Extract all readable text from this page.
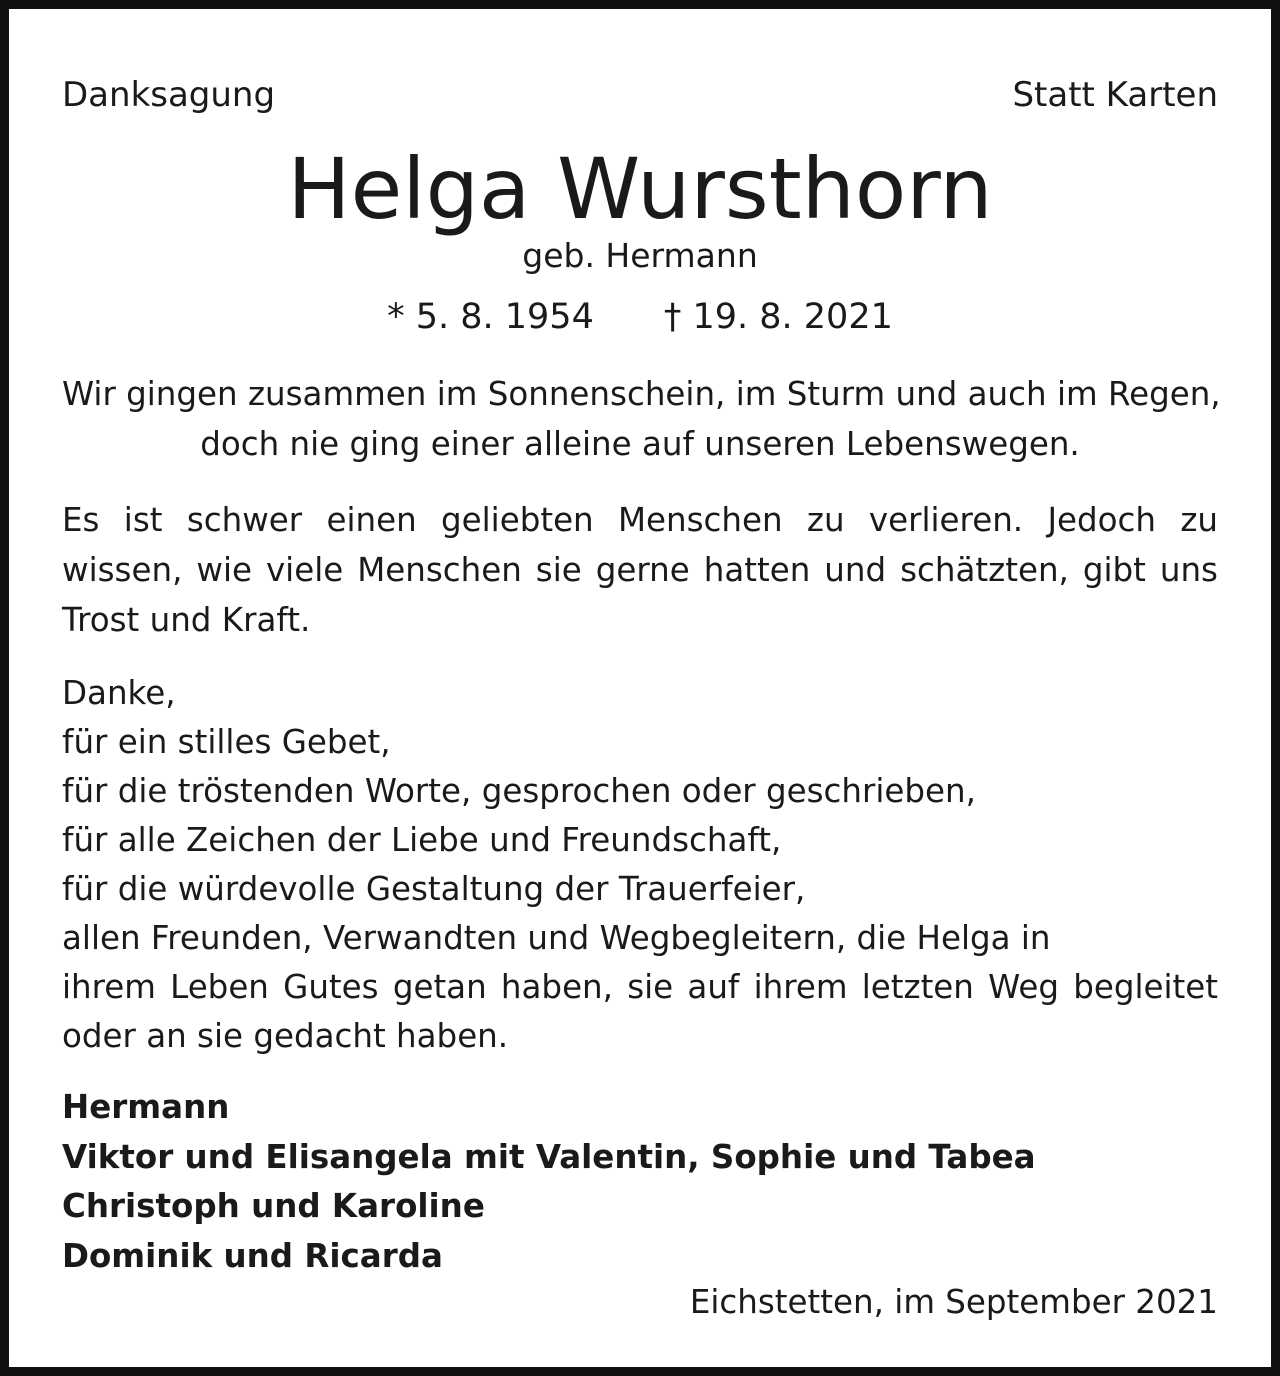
Danksagung	Statt Karten
Helga Wursthorn
geb. Hermann
* 5. 8. 1954 † 19. 8. 2021
Wir gingen zusammen im Sonnenschein, im Sturm und auch im Regen,
doch nie ging einer alleine auf unseren Lebenswegen.
Es ist schwer einen geliebten Menschen zu verlieren. Jedoch zu wissen, wie viele Menschen sie gerne hatten und schätzten, gibt uns Trost und Kraft.
Danke,
für ein stilles Gebet,
für die tröstenden Worte, gesprochen oder geschrieben,
für alle Zeichen der Liebe und Freundschaft,
für die würdevolle Gestaltung der Trauerfeier,
allen Freunden, Verwandten und Wegbegleitern, die Helga in
ihrem Leben Gutes getan haben, sie auf ihrem letzten Weg begleitet
oder an sie gedacht haben.
Hermann
Viktor und Elisangela mit Valentin, Sophie und Tabea
Christoph und Karoline
Dominik und Ricarda
Eichstetten, im September 2021
